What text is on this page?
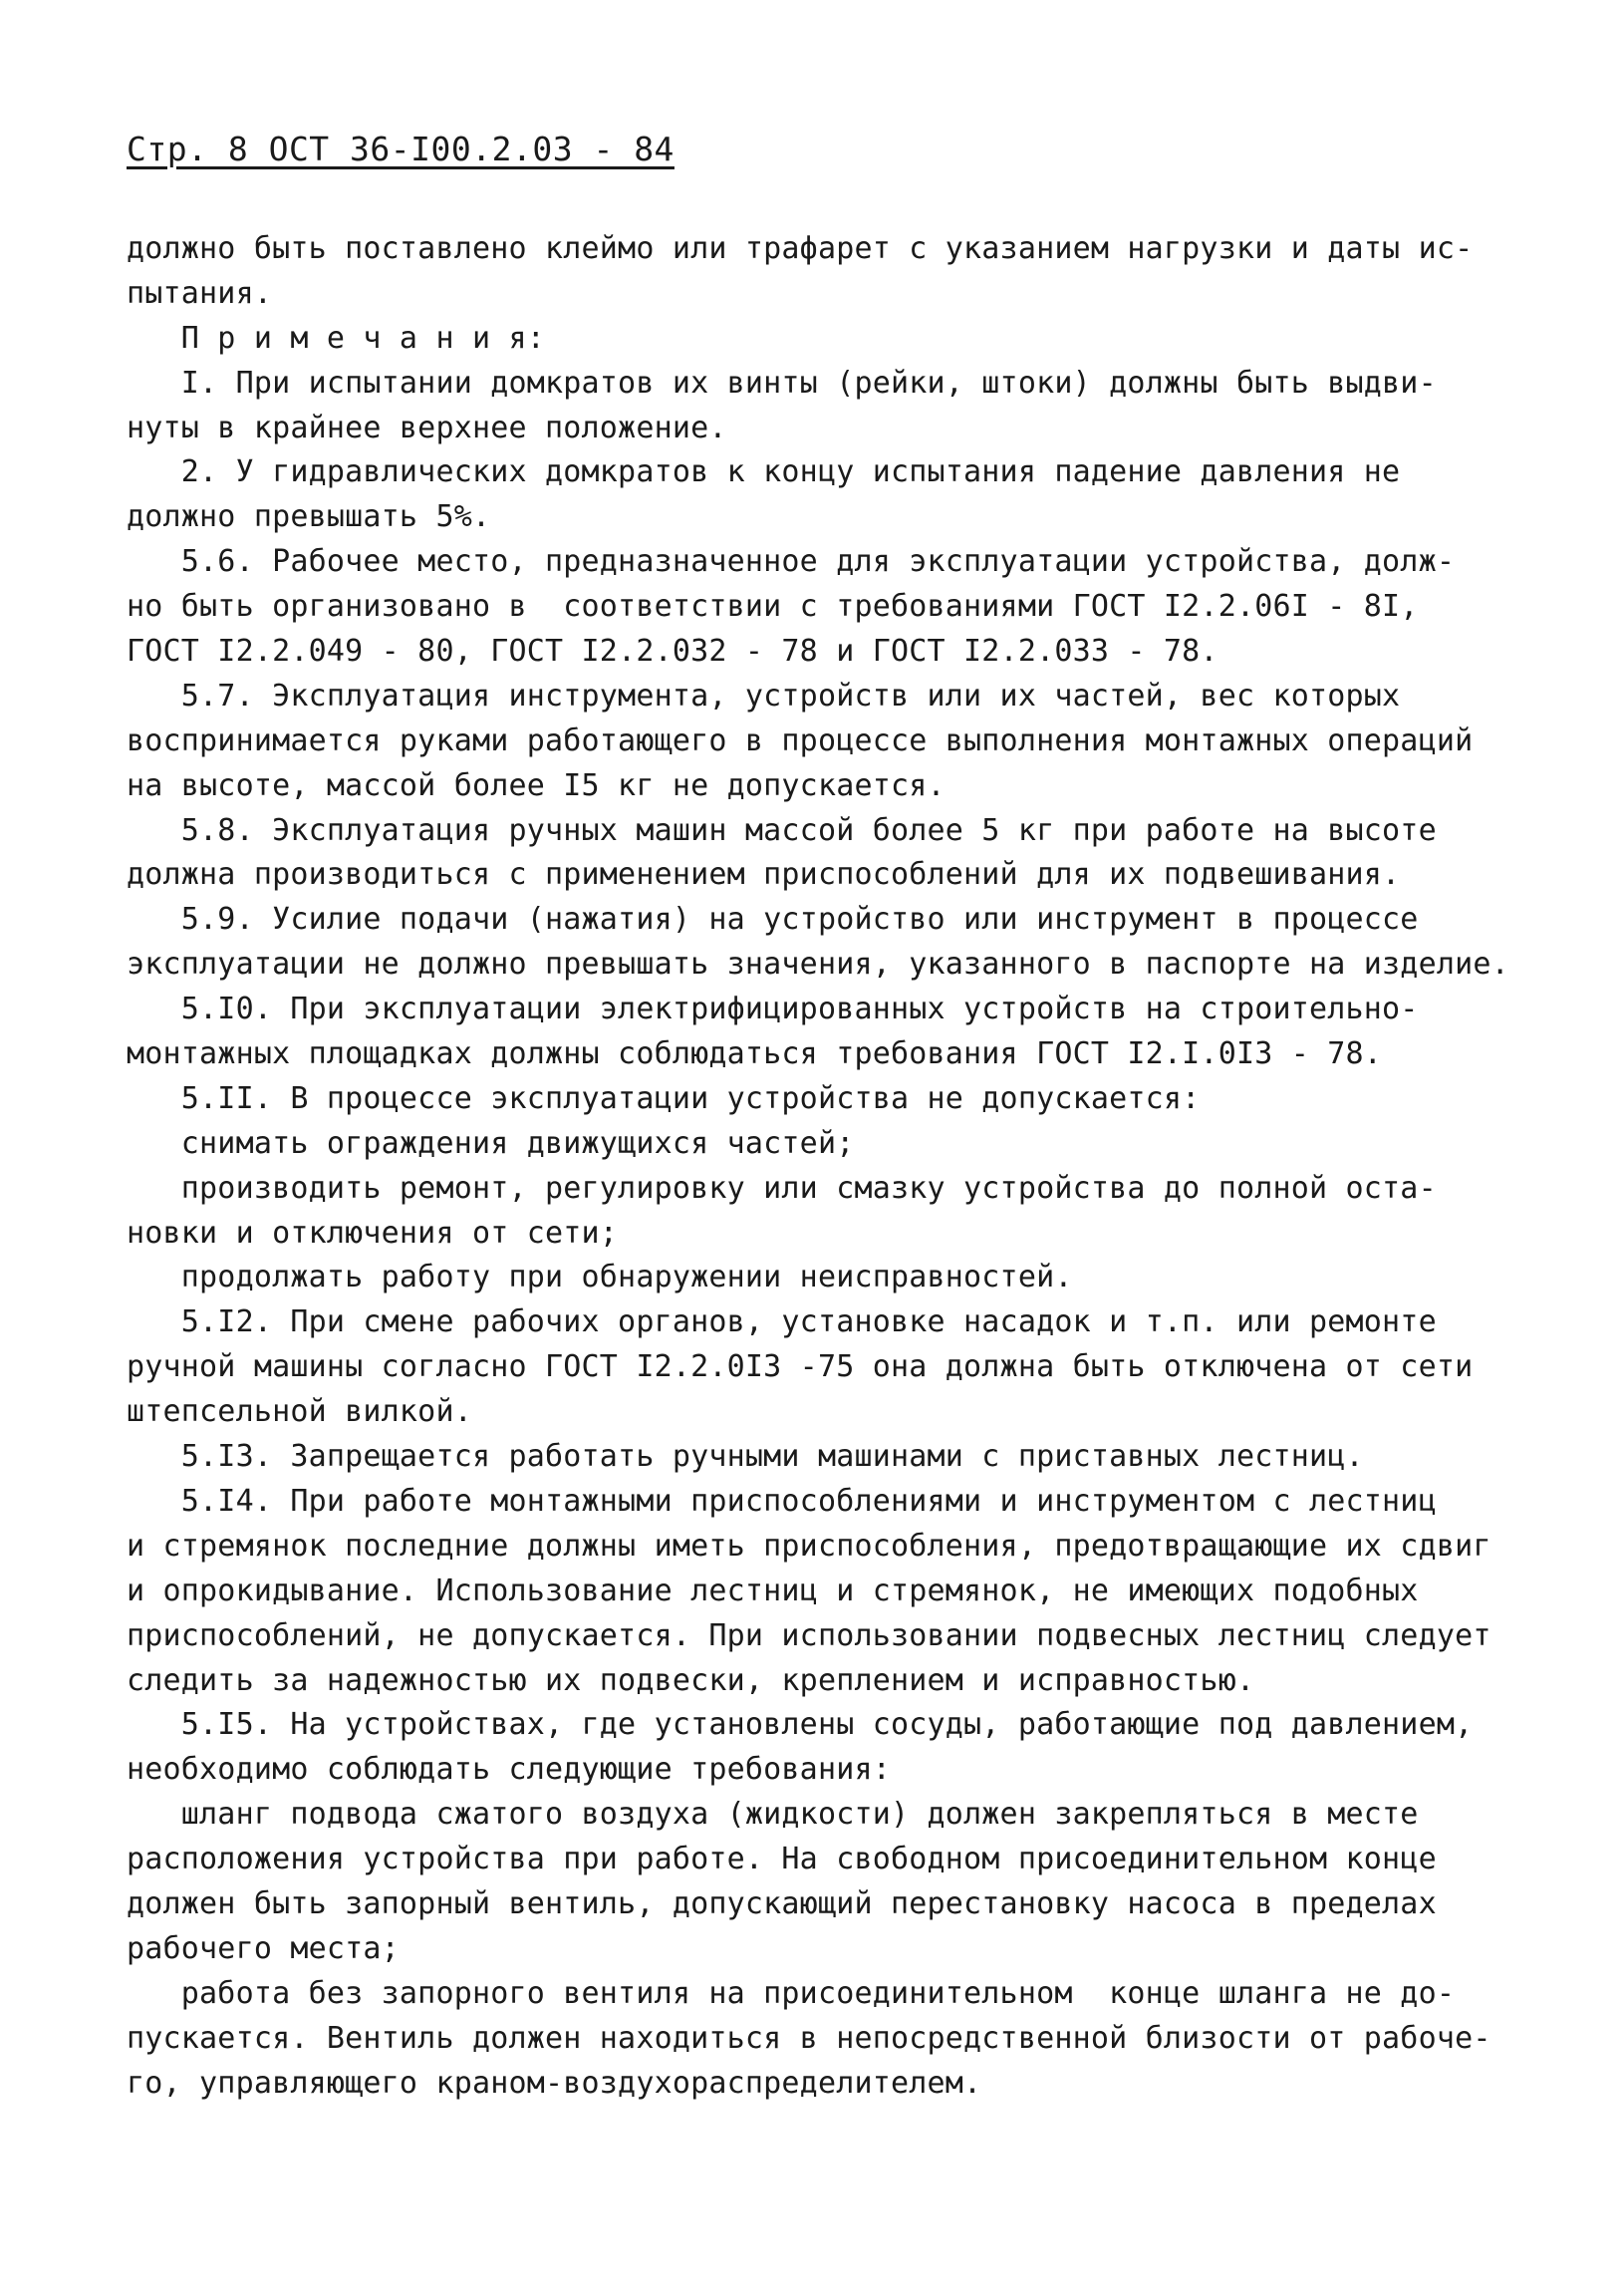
Стр. 8 ОСТ 36-І00.2.03 - 84
должно быть поставлено клеймо или трафарет с указанием нагрузки и даты ис-
пытания.
П р и м е ч а н и я:
І. При испытании домкратов их винты (рейки, штоки) должны быть выдви-
нуты в крайнее верхнее положение.
2. У гидравлических домкратов к концу испытания падение давления не
должно превышать 5%.
5.6. Рабочее место, предназначенное для эксплуатации устройства, долж-
но быть организовано в  соответствии с требованиями ГОСТ І2.2.06І - 8І,
ГОСТ І2.2.049 - 80, ГОСТ І2.2.032 - 78 и ГОСТ І2.2.033 - 78.
5.7. Эксплуатация инструмента, устройств или их частей, вес которых
воспринимается руками работающего в процессе выполнения монтажных операций
на высоте, массой более І5 кг не допускается.
5.8. Эксплуатация ручных машин массой более 5 кг при работе на высоте
должна производиться с применением приспособлений для их подвешивания.
5.9. Усилие подачи (нажатия) на устройство или инструмент в процессе
эксплуатации не должно превышать значения, указанного в паспорте на изделие.
5.І0. При эксплуатации электрифицированных устройств на строительно-
монтажных площадках должны соблюдаться требования ГОСТ І2.І.0І3 - 78.
5.ІІ. В процессе эксплуатации устройства не допускается:
снимать ограждения движущихся частей;
производить ремонт, регулировку или смазку устройства до полной оста-
новки и отключения от сети;
продолжать работу при обнаружении неисправностей.
5.І2. При смене рабочих органов, установке насадок и т.п. или ремонте
ручной машины согласно ГОСТ І2.2.0І3 -75 она должна быть отключена от сети
штепсельной вилкой.
5.І3. Запрещается работать ручными машинами с приставных лестниц.
5.І4. При работе монтажными приспособлениями и инструментом с лестниц
и стремянок последние должны иметь приспособления, предотвращающие их сдвиг
и опрокидывание. Использование лестниц и стремянок, не имеющих подобных
приспособлений, не допускается. При использовании подвесных лестниц следует
следить за надежностью их подвески, креплением и исправностью.
5.І5. На устройствах, где установлены сосуды, работающие под давлением,
необходимо соблюдать следующие требования:
шланг подвода сжатого воздуха (жидкости) должен закрепляться в месте
расположения устройства при работе. На свободном присоединительном конце
должен быть запорный вентиль, допускающий перестановку насоса в пределах
рабочего места;
работа без запорного вентиля на присоединительном  конце шланга не до-
пускается. Вентиль должен находиться в непосредственной близости от рабоче-
го, управляющего краном-воздухораспределителем.
